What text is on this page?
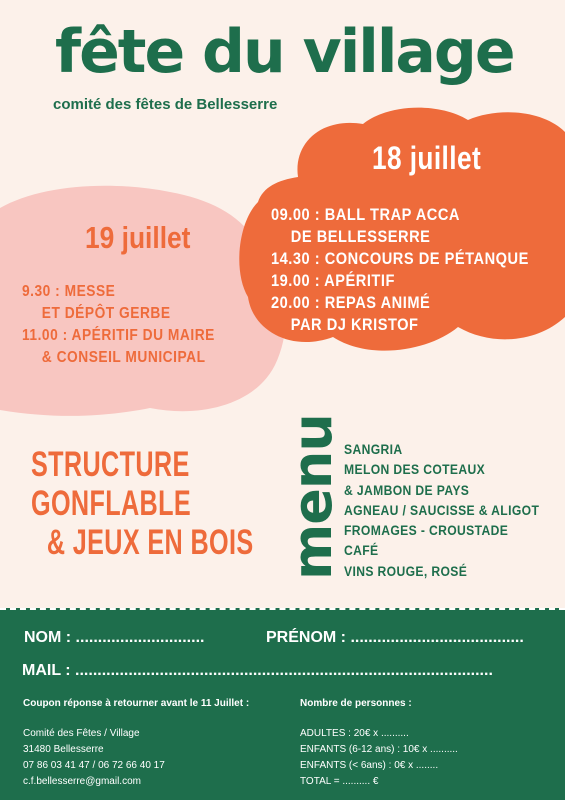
fête du village
comité des fêtes de Bellesserre
18 juillet
09.00 : BALL TRAP ACCA
DE BELLESSERRE
14.30 : CONCOURS DE PÉTANQUE
19.00 : APÉRITIF
20.00 : REPAS ANIMÉ
PAR DJ KRISTOF
19 juillet
9.30 : MESSE
ET DÉPÔT GERBE
11.00 : APÉRITIF DU MAIRE
& CONSEIL MUNICIPAL
STRUCTURE
GONFLABLE
& JEUX EN BOIS menu SANGRIA
MELON DES COTEAUX
& JAMBON DE PAYS
AGNEAU / SAUCISSE & ALIGOT
FROMAGES - CROUSTADE
CAFÉ
VINS ROUGE, ROSÉ
NOM : .............................	PRÉNOM : .......................................
MAIL : ..............................................................................................
Coupon réponse à retourner avant le 11 Juillet :
Comité des Fêtes / Village
31480 Bellesserre
07 86 03 41 47 / 06 72 66 40 17
c.f.bellesserre@gmail.com
Nombre de personnes :
ADULTES : 20€ x ..........
ENFANTS (6-12 ans) : 10€ x ..........
ENFANTS (< 6ans) : 0€ x ........
TOTAL = .......... €
